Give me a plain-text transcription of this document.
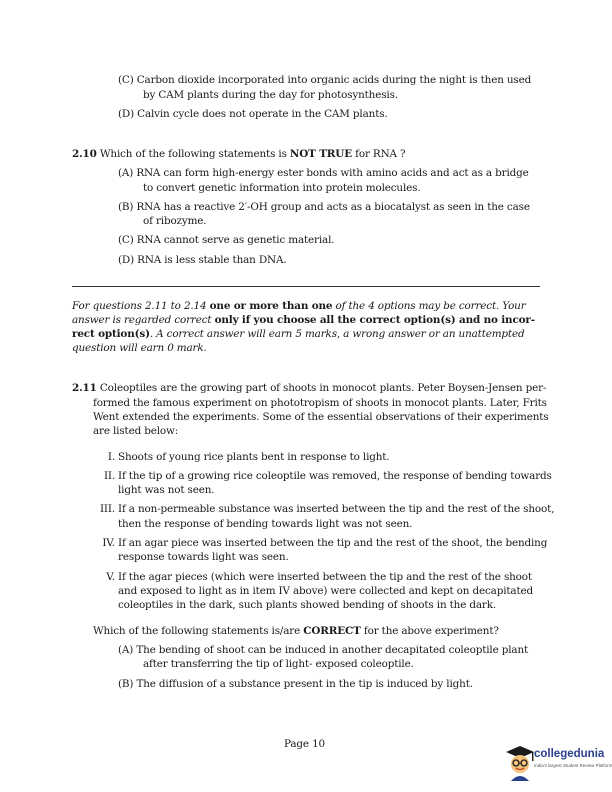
(C) Carbon dioxide incorporated into organic acids during the night is then used
by CAM plants during the day for photosynthesis.
(D) Calvin cycle does not operate in the CAM plants.
2.10 Which of the following statements is NOT TRUE for RNA ?
(A) RNA can form high-energy ester bonds with amino acids and act as a bridge
to convert genetic information into protein molecules.
(B) RNA has a reactive 2′-OH group and acts as a biocatalyst as seen in the case
of ribozyme.
(C) RNA cannot serve as genetic material.
(D) RNA is less stable than DNA.
For questions 2.11 to 2.14 one or more than one of the 4 options may be correct. Your
answer is regarded correct only if you choose all the correct option(s) and no incor-
rect option(s). A correct answer will earn 5 marks, a wrong answer or an unattempted
question will earn 0 mark.
2.11 Coleoptiles are the growing part of shoots in monocot plants. Peter Boysen-Jensen per-
formed the famous experiment on phototropism of shoots in monocot plants. Later, Frits
Went extended the experiments. Some of the essential observations of their experiments
are listed below:
I. Shoots of young rice plants bent in response to light.
II. If the tip of a growing rice coleoptile was removed, the response of bending towards
light was not seen.
III. If a non-permeable substance was inserted between the tip and the rest of the shoot,
then the response of bending towards light was not seen.
IV. If an agar piece was inserted between the tip and the rest of the shoot, the bending
response towards light was seen.
V. If the agar pieces (which were inserted between the tip and the rest of the shoot
and exposed to light as in item IV above) were collected and kept on decapitated
coleoptiles in the dark, such plants showed bending of shoots in the dark.
Which of the following statements is/are CORRECT for the above experiment?
(A) The bending of shoot can be induced in another decapitated coleoptile plant
after transferring the tip of light- exposed coleoptile.
(B) The diffusion of a substance present in the tip is induced by light.
Page 10
collegedunia
India's largest Student Review Platform
